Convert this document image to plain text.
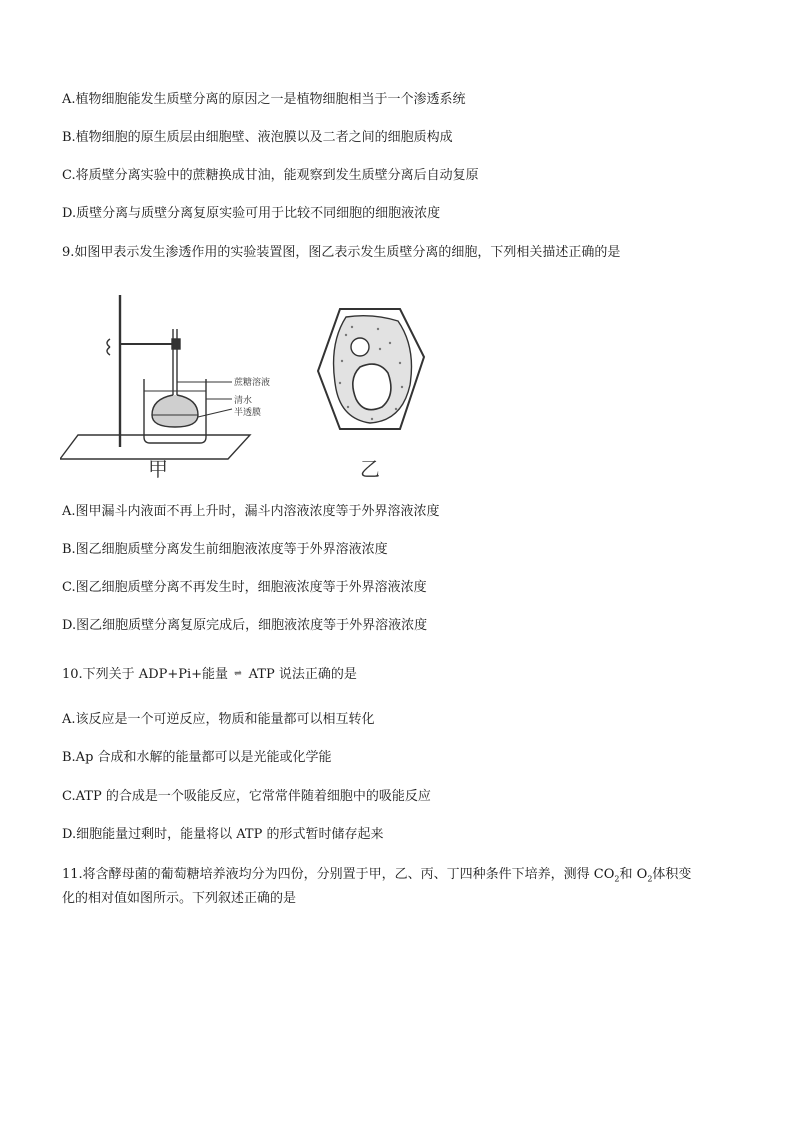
A.植物细胞能发生质壁分离的原因之一是植物细胞相当于一个渗透系统
B.植物细胞的原生质层由细胞壁、液泡膜以及二者之间的细胞质构成
C.将质壁分离实验中的蔗糖换成甘油，能观察到发生质壁分离后自动复原
D.质壁分离与质壁分离复原实验可用于比较不同细胞的细胞液浓度
9.如图甲表示发生渗透作用的实验装置图，图乙表示发生质壁分离的细胞，下列相关描述正确的是
蔗糖溶液
清水
半透膜
甲	乙
A.图甲漏斗内液面不再上升时，漏斗内溶液浓度等于外界溶液浓度
B.图乙细胞质壁分离发生前细胞液浓度等于外界溶液浓度
C.图乙细胞质壁分离不再发生时，细胞液浓度等于外界溶液浓度
D.图乙细胞质壁分离复原完成后，细胞液浓度等于外界溶液浓度
10.下列关于 ADP+Pi+能量 ⇌ ATP 说法正确的是
A.该反应是一个可逆反应，物质和能量都可以相互转化
B.Ap 合成和水解的能量都可以是光能或化学能
C.ATP 的合成是一个吸能反应，它常常伴随着细胞中的吸能反应
D.细胞能量过剩时，能量将以 ATP 的形式暂时储存起来
11.将含酵母菌的葡萄糖培养液均分为四份，分别置于甲，乙、丙、丁四种条件下培养，测得 $CO_2$和 $O_2$体积变
化的相对值如图所示。下列叙述正确的是
